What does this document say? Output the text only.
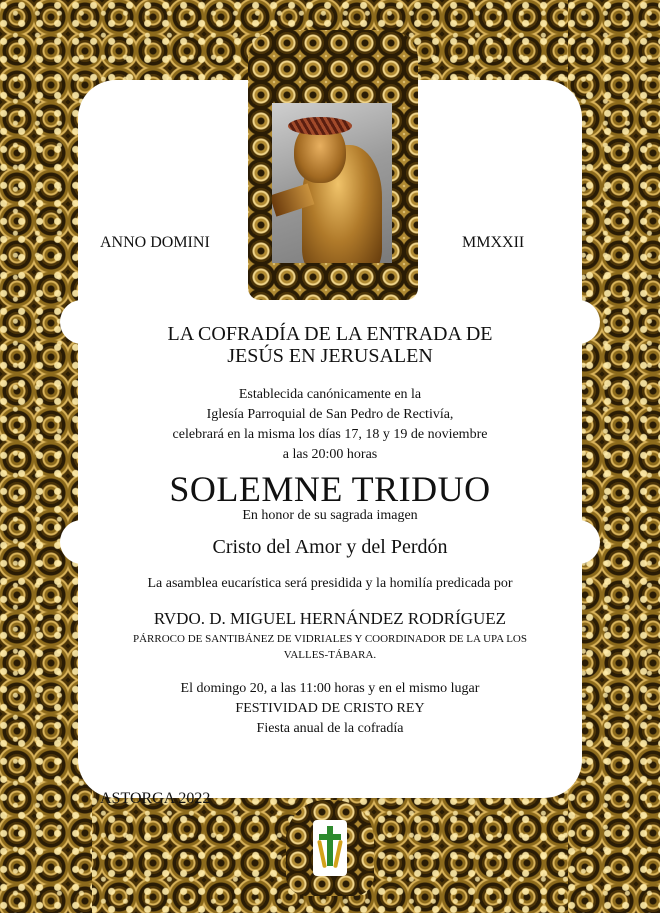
ANNO DOMINI	MMXXII
ASTORGA 2022
LA COFRADÍA DE LA ENTRADA DE
JESÚS EN JERUSALEN
Establecida canónicamente en la
Iglesía Parroquial de San Pedro de Rectivía,
celebrará en la misma los días 17, 18 y 19 de noviembre
a las 20:00 horas
SOLEMNE TRIDUO
En honor de su sagrada imagen
Cristo del Amor y del Perdón
La asamblea eucarística será presidida y la homilía predicada por
RVDO. D. MIGUEL HERNÁNDEZ RODRÍGUEZ
PÁRROCO DE SANTIBÁNEZ DE VIDRIALES Y COORDINADOR DE LA UPA LOS
VALLES-TÁBARA.
El domingo 20, a las 11:00 horas y en el mismo lugar
FESTIVIDAD DE CRISTO REY
Fiesta anual de la cofradía
